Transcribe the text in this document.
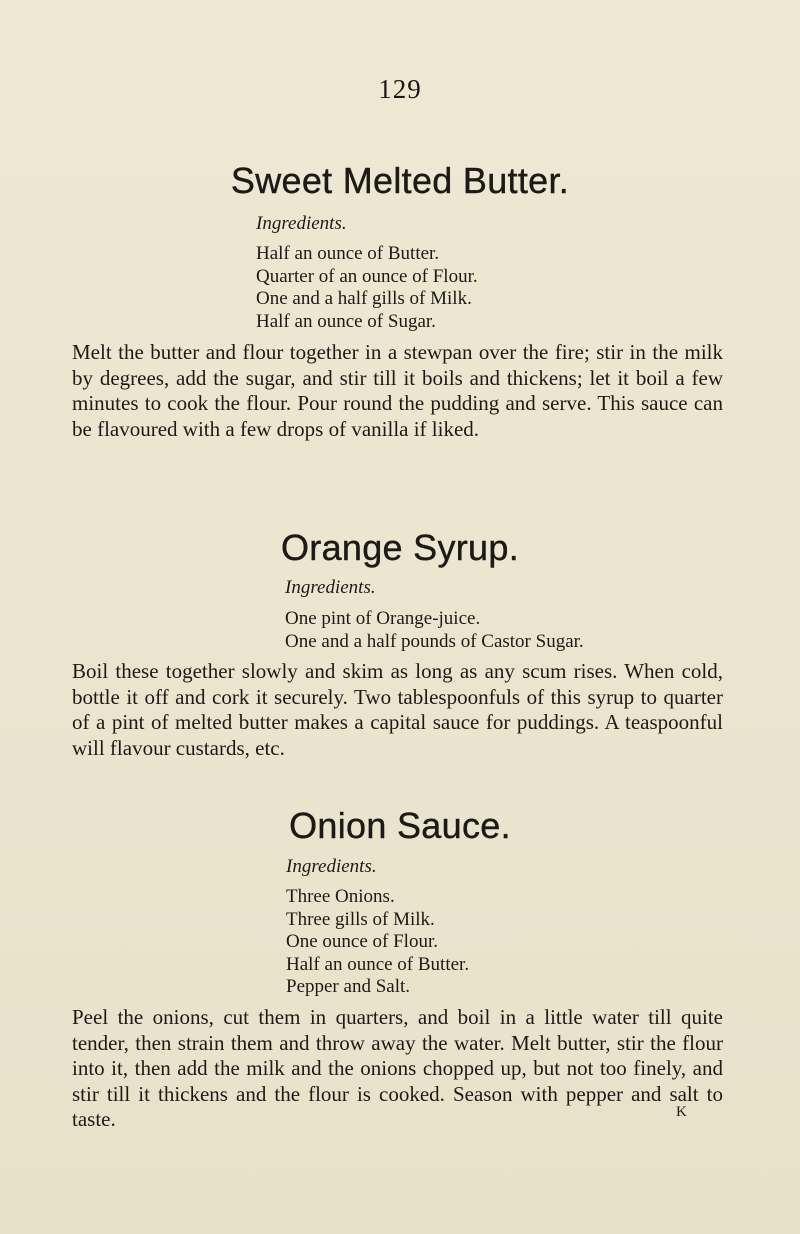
129
Sweet Melted Butter.

Ingredients.

Half an ounce of Butter.
Quarter of an ounce of Flour.
One and a half gills of Milk.
Half an ounce of Sugar.

Melt the butter and flour together in a stewpan over the fire; stir in the milk by degrees, add the sugar, and stir till it boils and thickens; let it boil a few minutes to cook the flour. Pour round the pudding and serve. This sauce can be flavoured with a few drops of vanilla if liked.

Orange Syrup.

Ingredients.

One pint of Orange-juice.
One and a half pounds of Castor Sugar.

Boil these together slowly and skim as long as any scum rises. When cold, bottle it off and cork it securely. Two tablespoonfuls of this syrup to quarter of a pint of melted butter makes a capital sauce for puddings. A teaspoonful will flavour custards, etc.

Onion Sauce.

Ingredients.

Three Onions.
Three gills of Milk.
One ounce of Flour.
Half an ounce of Butter.
Pepper and Salt.

Peel the onions, cut them in quarters, and boil in a little water till quite tender, then strain them and throw away the water. Melt butter, stir the flour into it, then add the milk and the onions chopped up, but not too finely, and stir till it thickens and the flour is cooked. Season with pepper and salt to taste.	K
